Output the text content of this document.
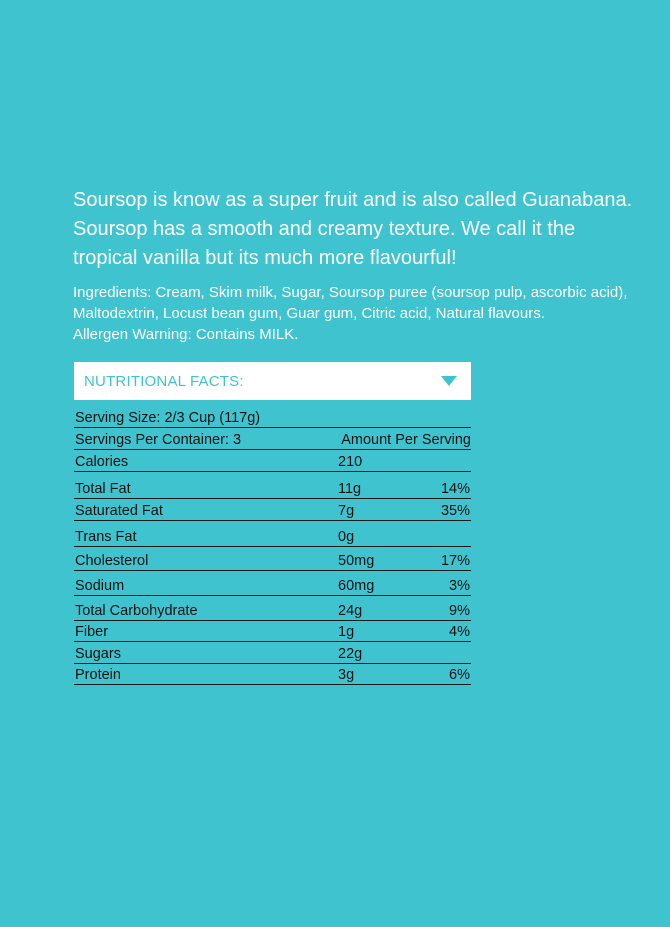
Soursop is know as a super fruit and is also called Guanabana. Soursop has a smooth and creamy texture. We call it the tropical vanilla but its much more flavourful!

Ingredients: Cream, Skim milk, Sugar, Soursop puree (soursop pulp, ascorbic acid), Maltodextrin, Locust bean gum, Guar gum, Citric acid, Natural flavours.

Allergen Warning: Contains MILK.

NUTRITIONAL FACTS:
Serving Size: 2/3 Cup (117g)
Servings Per Container: 3	Amount Per Serving
Calories	210
Total Fat	11g	14%
Saturated Fat	7g	35%
Trans Fat	0g
Cholesterol	50mg	17%
Sodium	60mg	3%
Total Carbohydrate	24g	9%
Fiber	1g	4%
Sugars	22g
Protein	3g	6%
